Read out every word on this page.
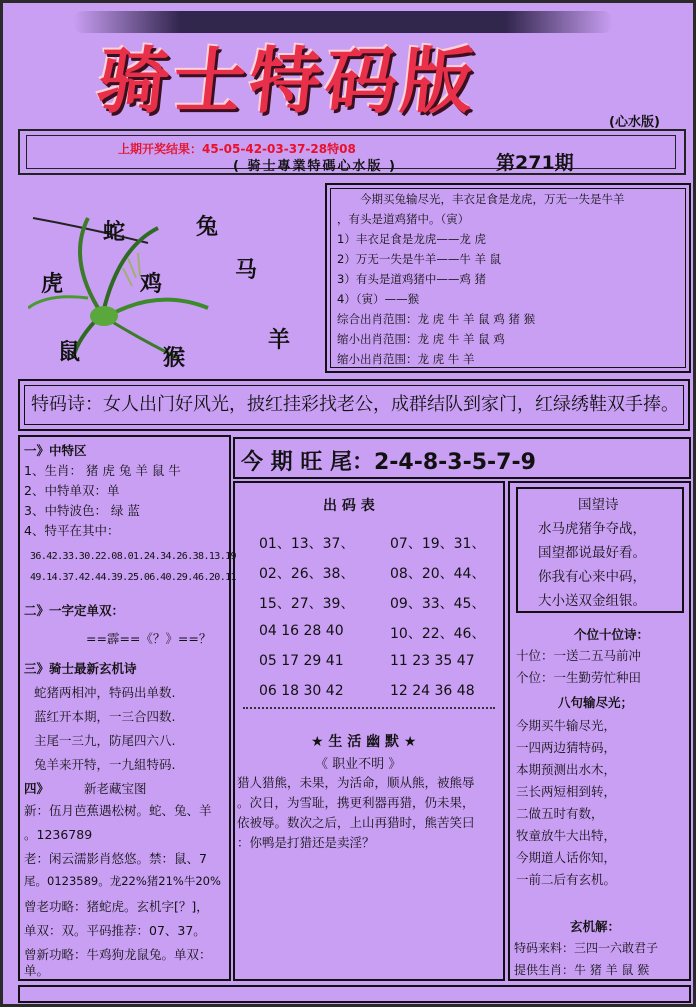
骑士特码版	(心水版)
上期开奖结果：45-05-42-03-37-28特08
( 骑士專業特碼心水版 )	第271期
蛇	兔
虎	鸡
马
鼠	猴
羊
　　今期买兔输尽光，丰衣足食是龙虎，万无一失是牛羊
，有头是道鸡猪中。（寅）
1）丰衣足食是龙虎——龙 虎
2）万无一失是牛羊——牛 羊 鼠
3）有头是道鸡猪中——鸡 猪
4）（寅）——猴
综合出肖范围：龙 虎 牛 羊 鼠 鸡 猪 猴
缩小出肖范围：龙 虎 牛 羊 鼠 鸡
缩小出肖范围：龙 虎 牛 羊
特码诗：女人出门好风光，披红挂彩找老公，成群结队到家门，红绿绣鞋双手捧。
一》中特区
1、生肖： 猪 虎 兔 羊 鼠 牛
2、中特单双：单
3、中特波色： 绿 蓝
4、特平在其中：
36.42.33.30.22.08.01.24.34.26.38.13.19
49.14.37.42.44.39.25.06.40.29.46.20.11
二》一字定单双：
==霹==《？》==？
三》骑士最新玄机诗
蛇猪两相冲，特码出单数.
蓝红开本期，一三合四数.
主尾一三九，防尾四六八.
兔羊来开特，一九組特码.
四》	新老藏宝图
新：伍月芭蕉遇松树。蛇、兔、羊
。1236789
老：闲云濡影肖悠悠。禁：鼠、7
尾。0123589。龙22%猪21%牛20%
曾老功略：猪蛇虎。玄机字[？]，
单双：双。平码推荐：07、37。
曾新功略：牛鸡狗龙鼠兔。单双：
单。
今 期 旺 尾：2-4-8-3-5-7-9
出 码 表
01、13、37、	07、19、31、
02、26、38、	08、20、44、
15、27、39、	09、33、45、
04 16 28 40	10、22、46、
05 17 29 41	11 23 35 47
06 18 30 42	12 24 36 48
★ 生 活 幽 默 ★
《 职业不明 》
猎人猎熊，未果，为活命，顺从熊，被熊辱
。次日，为雪耻，携更利器再猎，仍未果，
依被辱。数次之后，上山再猎时，熊苦笑曰
：你鸭是打猎还是卖淫？
国望诗
水马虎猪争夺战，
国望都说最好看。
你我有心来中码，
大小送双金组银。
个位十位诗：
十位：一送二五马前冲
个位：一生勤劳忙种田
八句输尽光；
今期买牛输尽光，
一四两边猜特码，
本期预测出水木，
三长两短相到转，
二做五时有数，
牧童放牛大出特，
今期道人话你知，
一前二后有玄机。
玄机解：
特码来料：三四一六敢君子
提供生肖：牛 猪 羊 鼠 猴
